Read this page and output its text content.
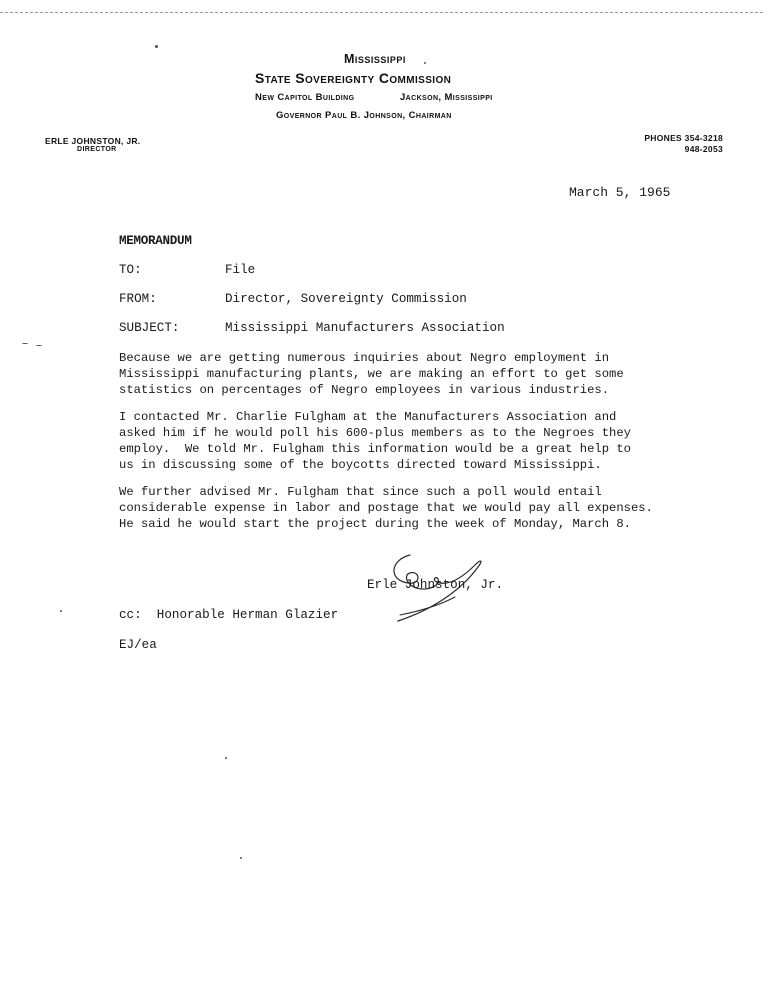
Mississippi
State Sovereignty Commission
New Capitol Building	Jackson, Mississippi
Governor Paul B. Johnson, Chairman
ERLE JOHNSTON, JR.
DIRECTOR
PHONES 354-3218
948-2053
March 5, 1965
MEMORANDUM
TO:	File
FROM:	Director, Sovereignty Commission
SUBJECT:	Mississippi Manufacturers Association
Because we are getting numerous inquiries about Negro employment in
Mississippi manufacturing plants, we are making an effort to get some
statistics on percentages of Negro employees in various industries.
I contacted Mr. Charlie Fulgham at the Manufacturers Association and
asked him if he would poll his 600-plus members as to the Negroes they
employ.  We told Mr. Fulgham this information would be a great help to
us in discussing some of the boycotts directed toward Mississippi.
We further advised Mr. Fulgham that since such a poll would entail
considerable expense in labor and postage that we would pay all expenses.
He said he would start the project during the week of Monday, March 8.
Erle Johnston, Jr.
cc:  Honorable Herman Glazier
EJ/ea
